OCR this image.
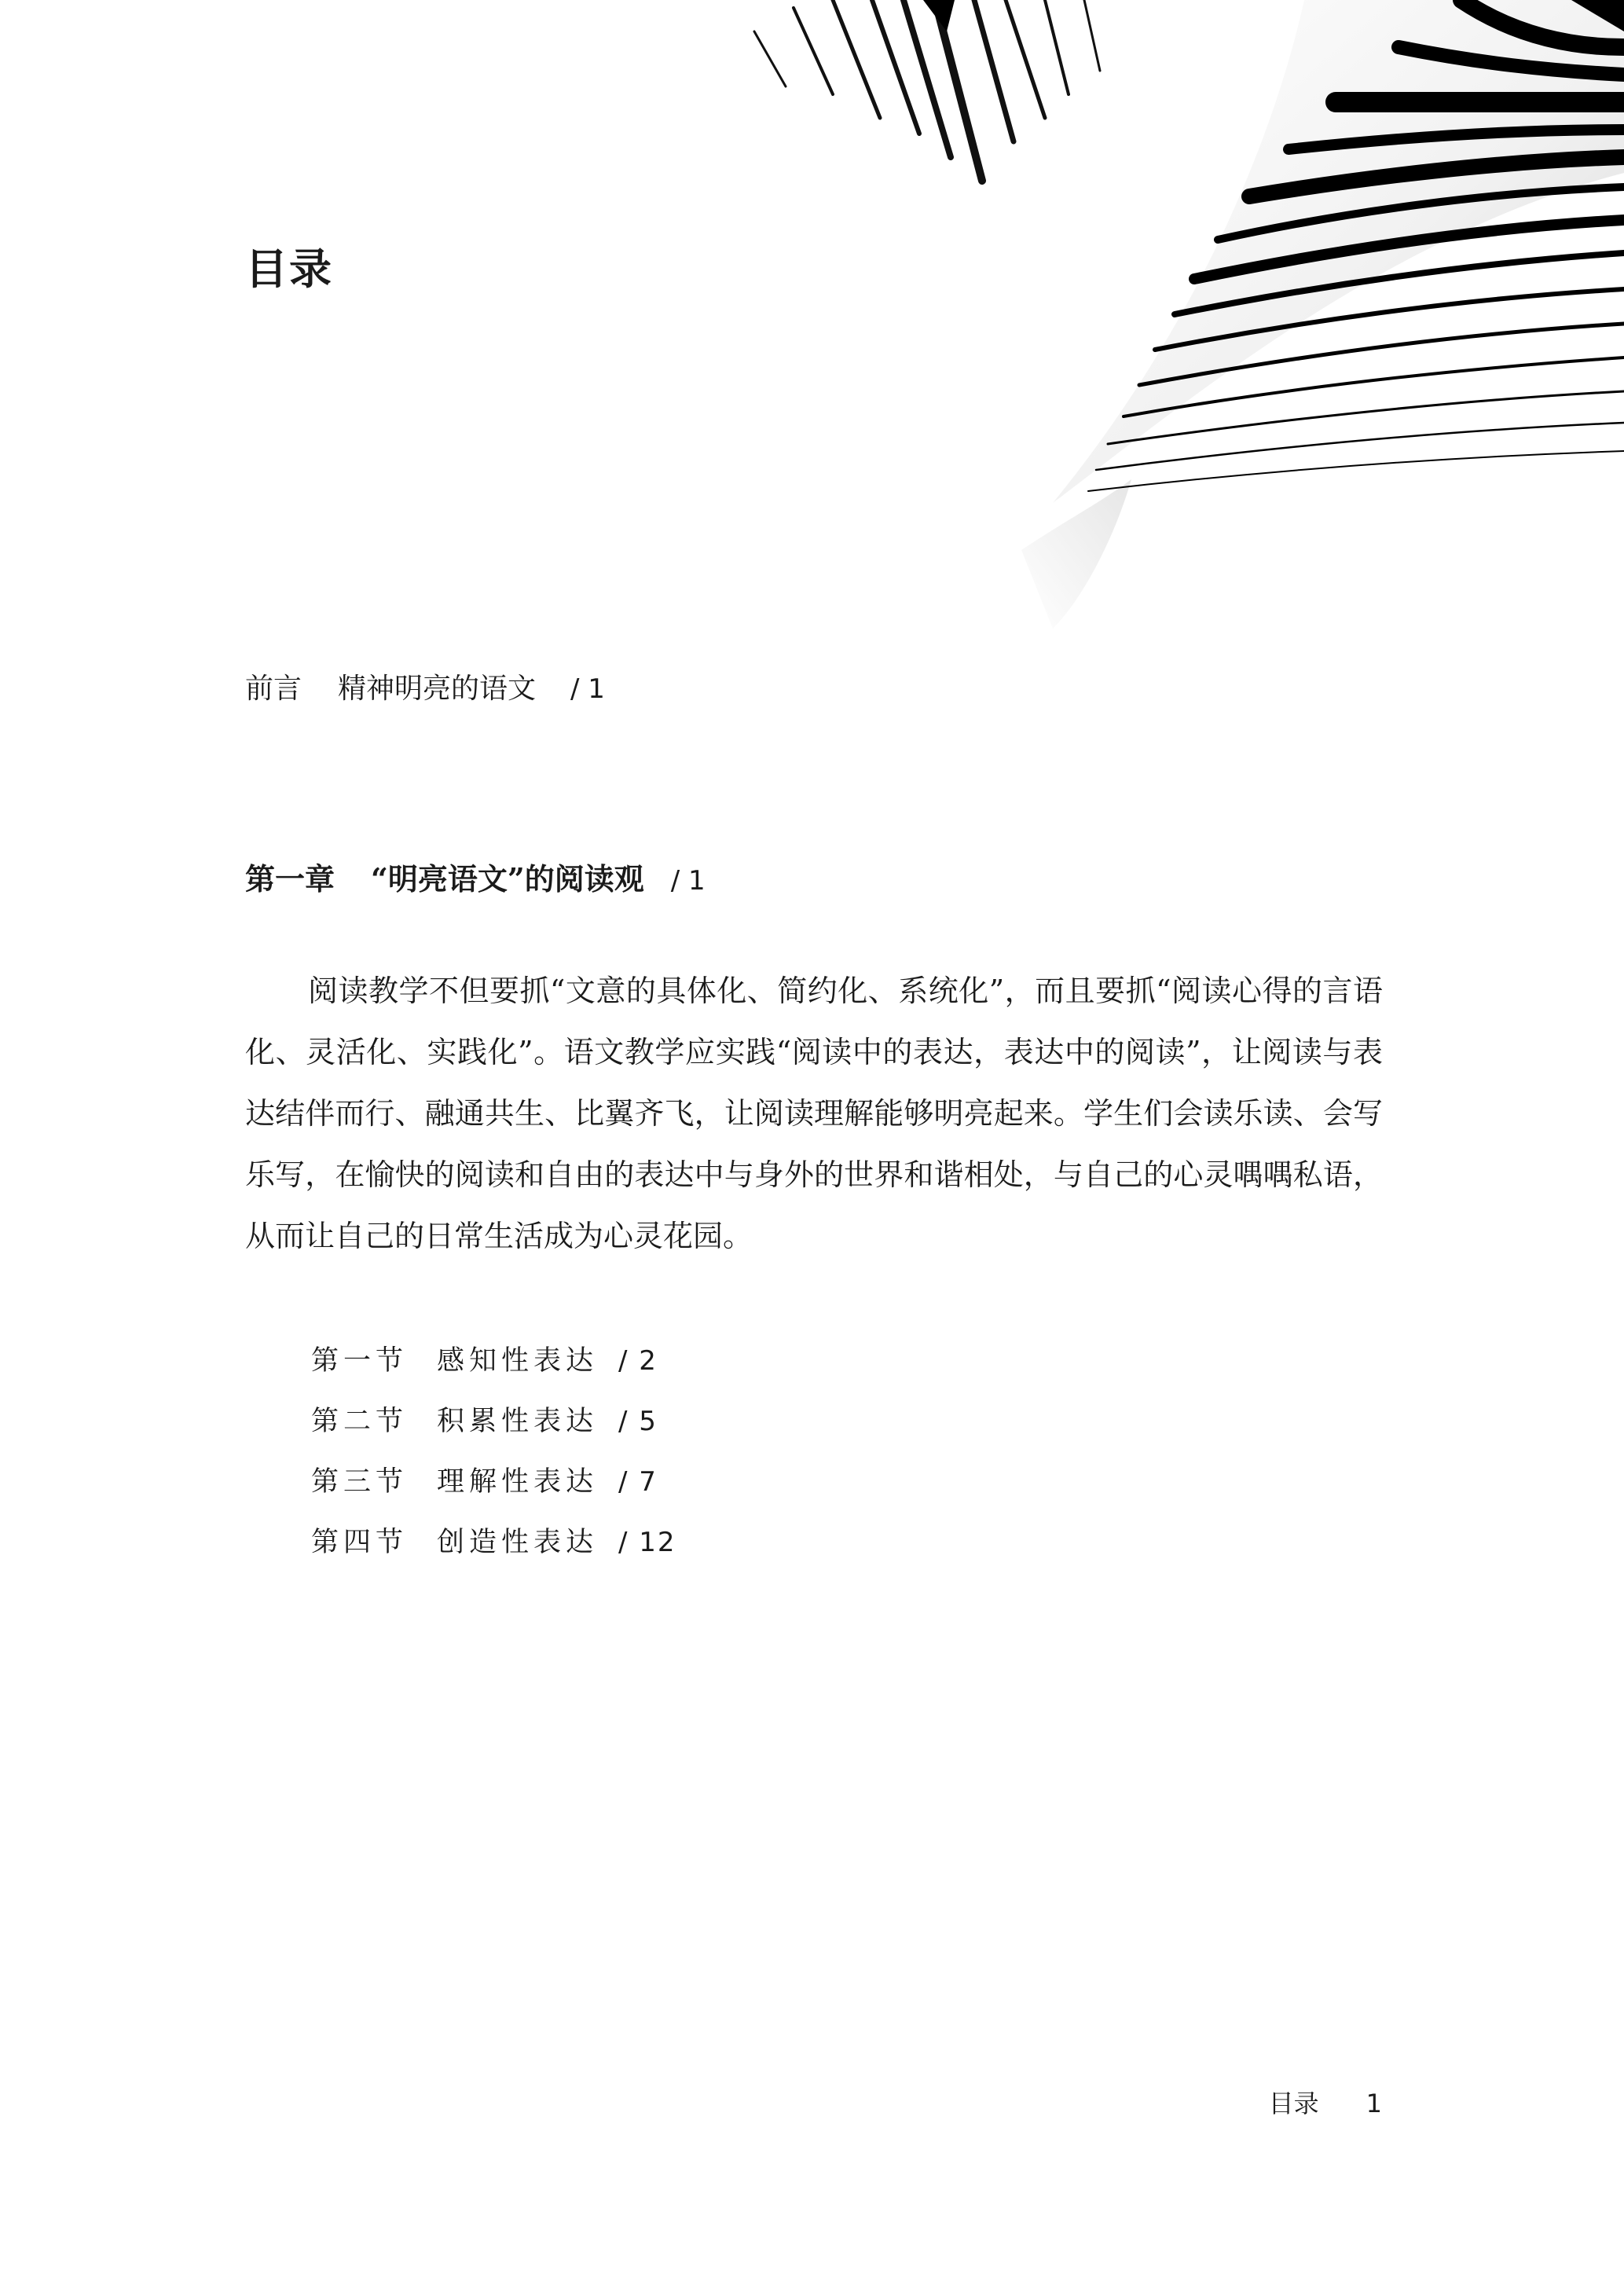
目录
前言 精神明亮的语文 / 1
第一章 “明亮语文”的阅读观 / 1

阅读教学不但要抓“文意的具体化、简约化、系统化”，而且要抓“阅读心得的言语化、灵活化、实践化”。语文教学应实践“阅读中的表达，表达中的阅读”，让阅读与表达结伴而行、融通共生、比翼齐飞，让阅读理解能够明亮起来。学生们会读乐读、会写乐写，在愉快的阅读和自由的表达中与身外的世界和谐相处，与自己的心灵喁喁私语，从而让自己的日常生活成为心灵花园。

第一节 感知性表达 / 2
第二节 积累性表达 / 5
第三节 理解性表达 / 7
第四节 创造性表达 / 12
目录 1
